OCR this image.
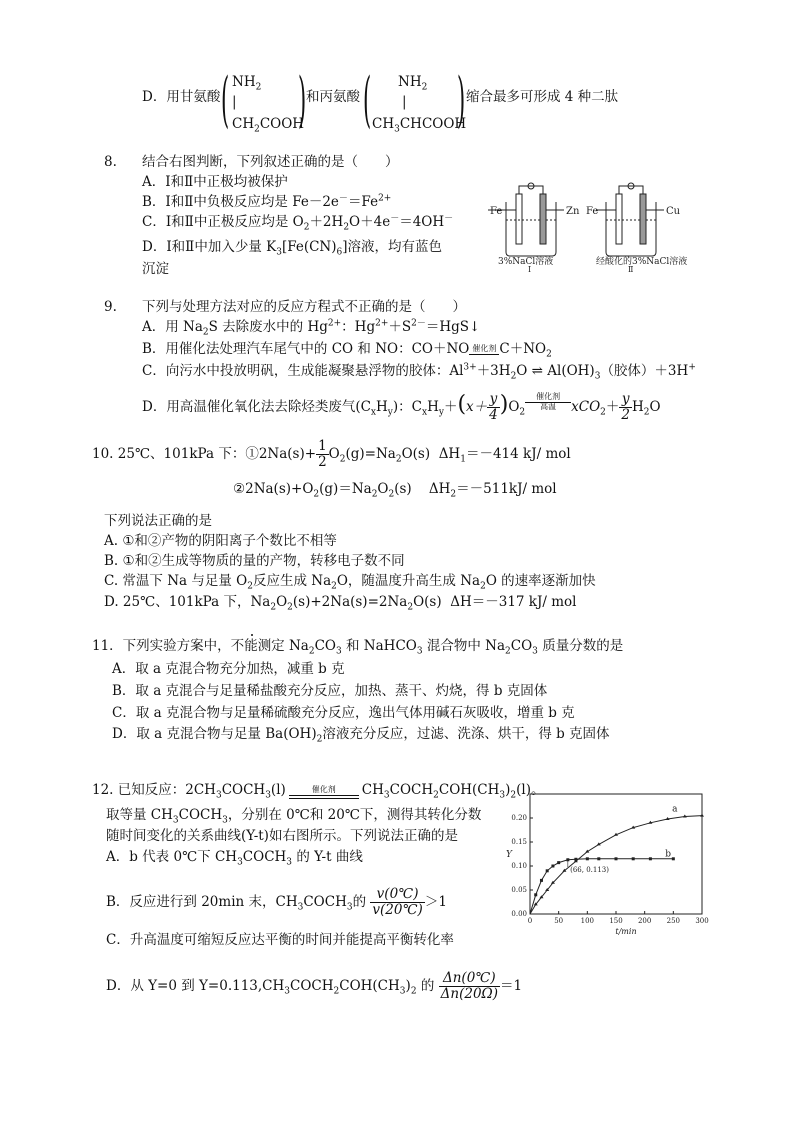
D．用甘氨酸 ( $NH_2$
|
$CH_2COOH$
) 和丙氨酸 ( $NH_2$
|
$CH_3CHCOOH$
) 缩合最多可形成 4 种二肽
8. 结合右图判断，下列叙述正确的是（　　）
A．Ⅰ和Ⅱ中正极均被保护
B．Ⅰ和Ⅱ中负极反应均是 $Fe-2e^-=Fe^{2+}$
C．Ⅰ和Ⅱ中正极反应均是 $O_2+2H_2O+4e^-=4OH^-$
D．Ⅰ和Ⅱ中加入少量 $K_3[Fe(CN)_6]$溶液，均有蓝色
沉淀
Fe	Zn Fe	Cu
3%NaCl溶液	经酸化的3%NaCl溶液
Ⅰ	Ⅱ
9. 下列与处理方法对应的反应方程式不正确的是（　　）
A．用 $Na_2S$ 去除废水中的 $Hg^{2+}$：$Hg^{2+}+S^{2-}=HgS↓$
B．用催化法处理汽车尾气中的 CO 和 NO：CO＋NO 催化剂 $C+NO_2$
C．向污水中投放明矾，生成能凝聚悬浮物的胶体：$Al^{3+}+3H_2O$ ⇌ $Al(OH)_3$（胶体）＋3H+
D．用高温催化氧化法去除烃类废气$(C_xH_y)$：$C_xH_y+(x+ \frac{y}{4} )O_2$
催化剂
高温	$xCO_2+ \frac{y}{2} H_2O$
10. 25℃、101kPa 下：①2Na(s)+ $\frac{1}{2} O_2(g)=Na_2O(s)$ $\Delta H_1=-414$ kJ/ mol
$②2Na(s)+O_2(g)=Na_2O_2(s)$ $\Delta H_2=-511kJ/$ mol
下列说法正确的是
A. ①和②产物的阴阳离子个数比不相等
B. ①和②生成等物质的量的产物，转移电子数不同
C. 常温下 Na 与足量 $O_2$反应生成 $Na_2O$，随温度升高生成 $Na_2O$ 的速率逐渐加快
D. 25℃、101kPa 下，$Na_2O_2(s)+2Na(s)=2Na_2O(s)$ ΔH＝－317 kJ/ mol
11．下列实验方案中，不能测定 $Na_2CO_3$ 和 NaHCO$_3$ 混合物中 $Na_2CO_3$ 质量分数的是
A．取 a 克混合物充分加热，减重 b 克
B．取 a 克混合与足量稀盐酸充分反应，加热、蒸干、灼烧，得 b 克固体
C．取 a 克混合物与足量稀硫酸充分反应，逸出气体用碱石灰吸收，增重 b 克
D．取 a 克混合物与足量 $Ba(OH)_2$溶液充分反应，过滤、洗涤、烘干，得 b 克固体
12. 已知反应：$2CH_3COCH_3(l)$	催化剂	$CH_3COCH_2COH(CH_3)_2(l)$。
取等量 $CH_3COCH_3$，分别在 0℃和 20℃下，测得其转化分数
随时间变化的关系曲线(Y-t)如右图所示。下列说法正确的是
A．b 代表 0℃下 $CH_3COCH_3$ 的 Y-t 曲线
B．反应进行到 20min 末，$CH_3COCH_3$的 $\frac{v(0℃)}{v(20℃)} >1$
C．升高温度可缩短反应达平衡的时间并能提高平衡转化率
D．从 Y=0 到 $Y=0.113,CH_3COCH_2COH(CH_3)_2$ 的 $\frac{\Delta n(0℃)}{\Delta n(20\Omega)} =1$
0	50	100 150 200 250 300
0.00
0.05
0.10
0.15
0.20
t/min
Y
a
b
(66, 0.113)
